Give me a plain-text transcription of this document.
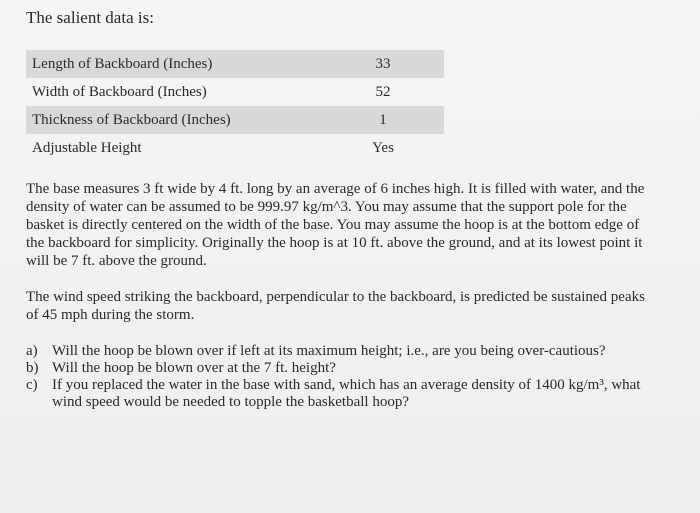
The salient data is:
Length of Backboard (Inches)	33
Width of Backboard (Inches)	52
Thickness of Backboard (Inches)	1
Adjustable Height	Yes
The base measures 3 ft wide by 4 ft. long by an average of 6 inches high. It is filled with water, and the density of water can be assumed to be 999.97 kg/m^3. You may assume that the support pole for the basket is directly centered on the width of the base. You may assume the hoop is at the bottom edge of the backboard for simplicity. Originally the hoop is at 10 ft. above the ground, and at its lowest point it will be 7 ft. above the ground.
The wind speed striking the backboard, perpendicular to the backboard, is predicted be sustained peaks of 45 mph during the storm.
a) Will the hoop be blown over if left at its maximum height; i.e., are you being over-cautious?
b) Will the hoop be blown over at the 7 ft. height?
c) If you replaced the water in the base with sand, which has an average density of 1400 kg/m³, what wind speed would be needed to topple the basketball hoop?
